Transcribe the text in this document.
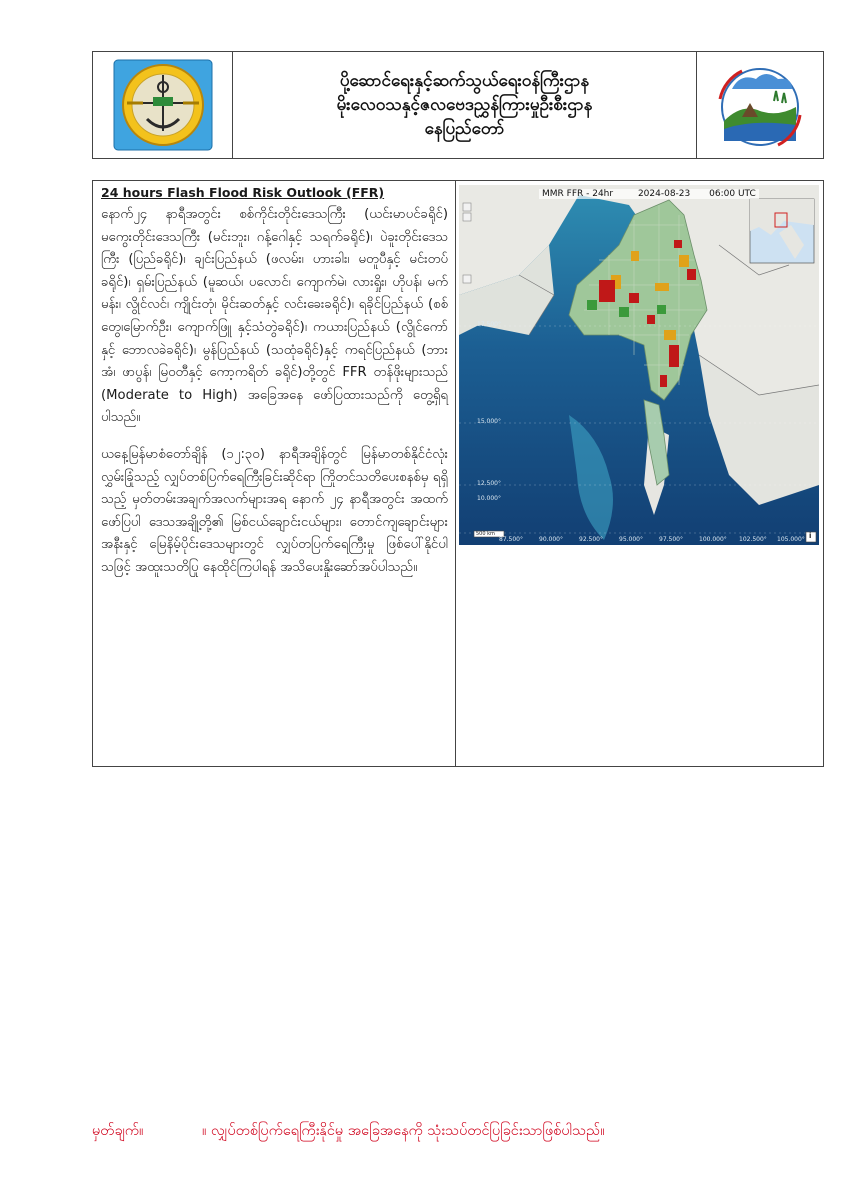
ပို့ဆောင်ရေးနှင့်ဆက်သွယ်ရေးဝန်ကြီးဌာန
မိုးလေဝသနှင့်ဇလဗေဒညွှန်ကြားမှုဦးစီးဌာန
နေပြည်တော်
24 hours Flash Flood Risk Outlook (FFR)

နောက်၂၄ နာရီအတွင်း စစ်ကိုင်းတိုင်းဒေသကြီး (ယင်းမာပင်ခရိုင်) မကွေးတိုင်းဒေသကြီး (မင်းဘူး၊ ဂန့်ဂေါနှင့် သရက်ခရိုင်)၊ ပဲခူးတိုင်းဒေသကြီး (ပြည်ခရိုင်)၊ ချင်းပြည်နယ် (ဖလမ်း၊ ဟားခါး၊ မတူပီနှင့် မင်းတပ်ခရိုင်)၊ ရှမ်းပြည်နယ် (မူဆယ်၊ ပလောင်၊ ကျောက်မဲ၊ လားရှိုး၊ ဟိုပန်၊ မက်မန်း၊ လွိုင်လင်၊ ကျိုင်းတုံ၊ မိုင်းဆတ်နှင့် လင်းခေးခရိုင်)၊ ရခိုင်ပြည်နယ် (စစ်တွေ၊မြောက်ဦး၊ ကျောက်ဖြူ နှင့်သံတွဲခရိုင်)၊ ကယားပြည်နယ် (လွိုင်ကော်နှင့် ဘောလခဲခရိုင်)၊ မွန်ပြည်နယ် (သထုံခရိုင်)နှင့် ကရင်ပြည်နယ် (ဘားအံ၊ ဖာပွန်၊ မြဝတီနှင့် ကော့ကရိတ် ခရိုင်)တို့တွင် FFR တန်ဖိုးများသည် (Moderate to High) အခြေအနေ ဖော်ပြထားသည်ကို တွေ့ရှိရပါသည်။

ယနေ့မြန်မာစံတော်ချိန် (၁၂:၃၀) နာရီအချိန်တွင် မြန်မာတစ်နိုင်ငံလုံးလွှမ်းခြုံသည့် လျှပ်တစ်ပြက်ရေကြီးခြင်းဆိုင်ရာ ကြိုတင်သတိပေးစနစ်မှ ရရှိသည့် မှတ်တမ်းအချက်အလက်များအရ နောက် ၂၄ နာရီအတွင်း အထက်ဖော်ပြပါ ဒေသအချို့တို့၏ မြစ်ငယ်ချောင်းငယ်များ၊ တောင်ကျချောင်းများအနီးနှင့် မြေနိမ့်ပိုင်းဒေသများတွင် လျှပ်တပြက်ရေကြီးမှု ဖြစ်ပေါ်နိုင်ပါသဖြင့် အထူးသတိပြု နေထိုင်ကြပါရန် အသိပေးနှိုးဆော်အပ်ပါသည်။

MMR FFR - 24hr	2024-08-23 06:00 UTC
17.500°
15.000°
12.500°
10.000°
87.500°	90.000°	92.500°	95.000°	97.500°	100.000° 102.500° 105.000°
500 km	i
မှတ်ချက်။	။ လျှပ်တစ်ပြက်ရေကြီးနိုင်မှု အခြေအနေကို သုံးသပ်တင်ပြခြင်းသာဖြစ်ပါသည်။
